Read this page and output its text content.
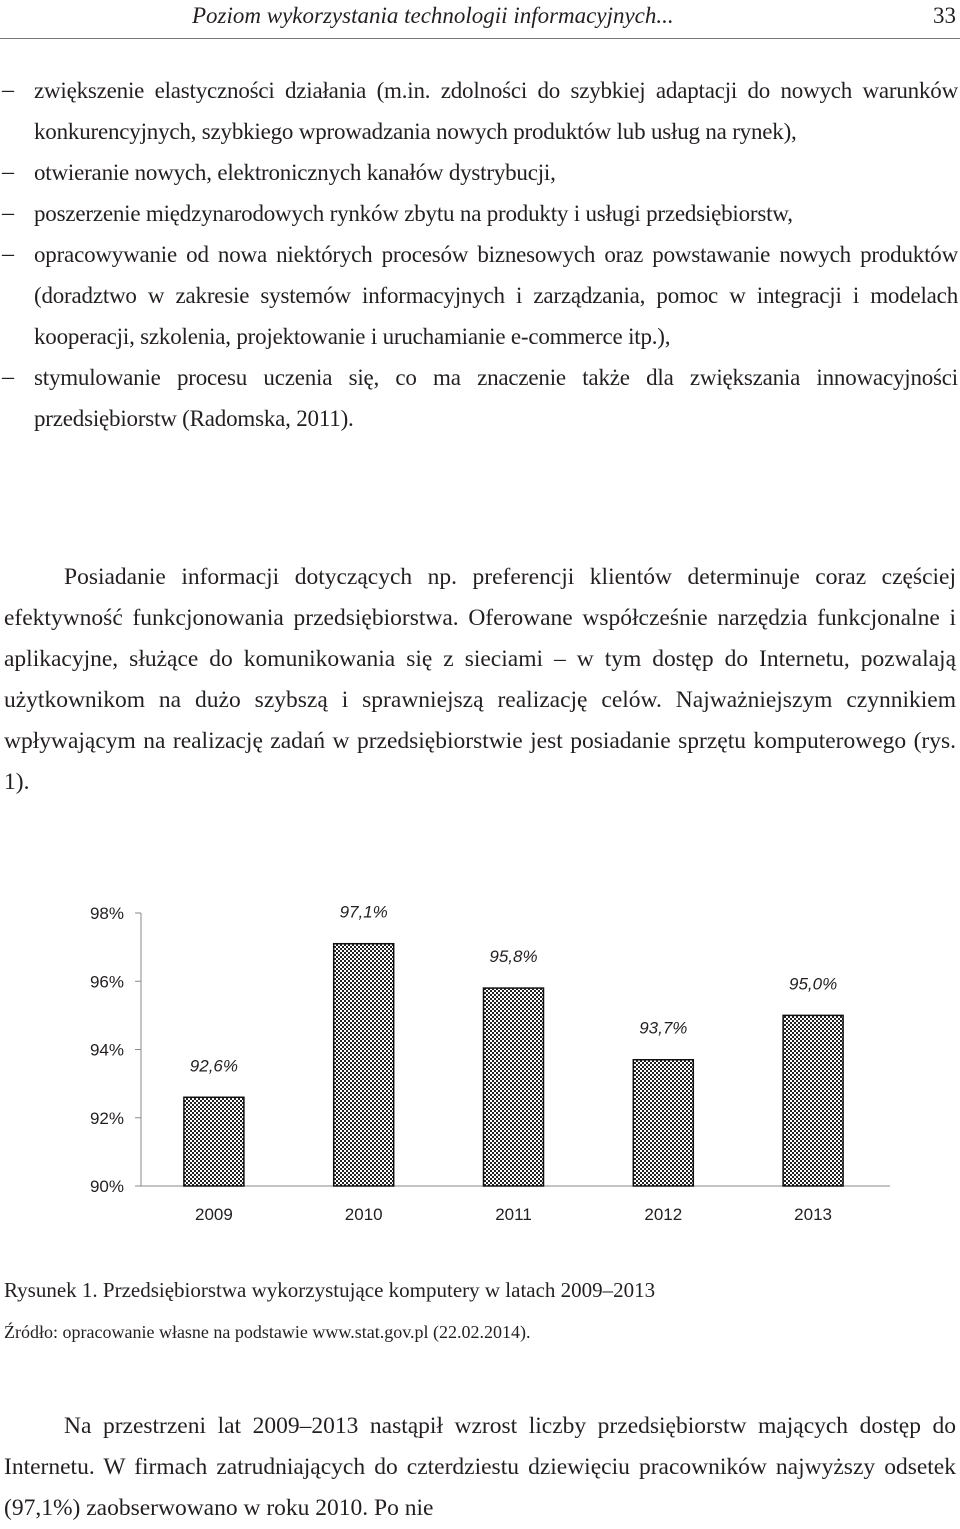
Poziom wykorzystania technologii informacyjnych...	33

– zwiększenie elastyczności działania (m.in. zdolności do szybkiej adaptacji do nowych warunków konkurencyjnych, szybkiego wprowadzania nowych produktów lub usług na rynek),
– otwieranie nowych, elektronicznych kanałów dystrybucji,
– poszerzenie międzynarodowych rynków zbytu na produkty i usługi przedsiębiorstw,
– opracowywanie od nowa niektórych procesów biznesowych oraz powstawanie nowych produktów (doradztwo w zakresie systemów informacyjnych i zarządzania, pomoc w integracji i modelach kooperacji, szkolenia, projektowanie i uruchamianie e-commerce itp.),
– stymulowanie procesu uczenia się, co ma znaczenie także dla zwiększania innowacyjności przedsiębiorstw (Radomska, 2011).

Posiadanie informacji dotyczących np. preferencji klientów determinuje coraz częściej efektywność funkcjonowania przedsiębiorstwa. Oferowane współcześnie narzędzia funkcjonalne i aplikacyjne, służące do komunikowania się z sieciami – w tym dostęp do Internetu, pozwalają użytkownikom na dużo szybszą i sprawniejszą realizację celów. Najważniejszym czynnikiem wpływającym na realizację zadań w przedsiębiorstwie jest posiadanie sprzętu komputerowego (rys. 1).

90%
92%
94%
96%
98%
92,6%
2009
97,1%
2010
95,8%
2011
93,7%
2012
95,0%
2013

Rysunek 1. Przedsiębiorstwa wykorzystujące komputery w latach 2009–2013

Źródło: opracowanie własne na podstawie www.stat.gov.pl (22.02.2014).

Na przestrzeni lat 2009–2013 nastąpił wzrost liczby przedsiębiorstw mających dostęp do Internetu. W firmach zatrudniających do czterdziestu dziewięciu pracowników najwyższy odsetek (97,1%) zaobserwowano w roku 2010. Po nie
